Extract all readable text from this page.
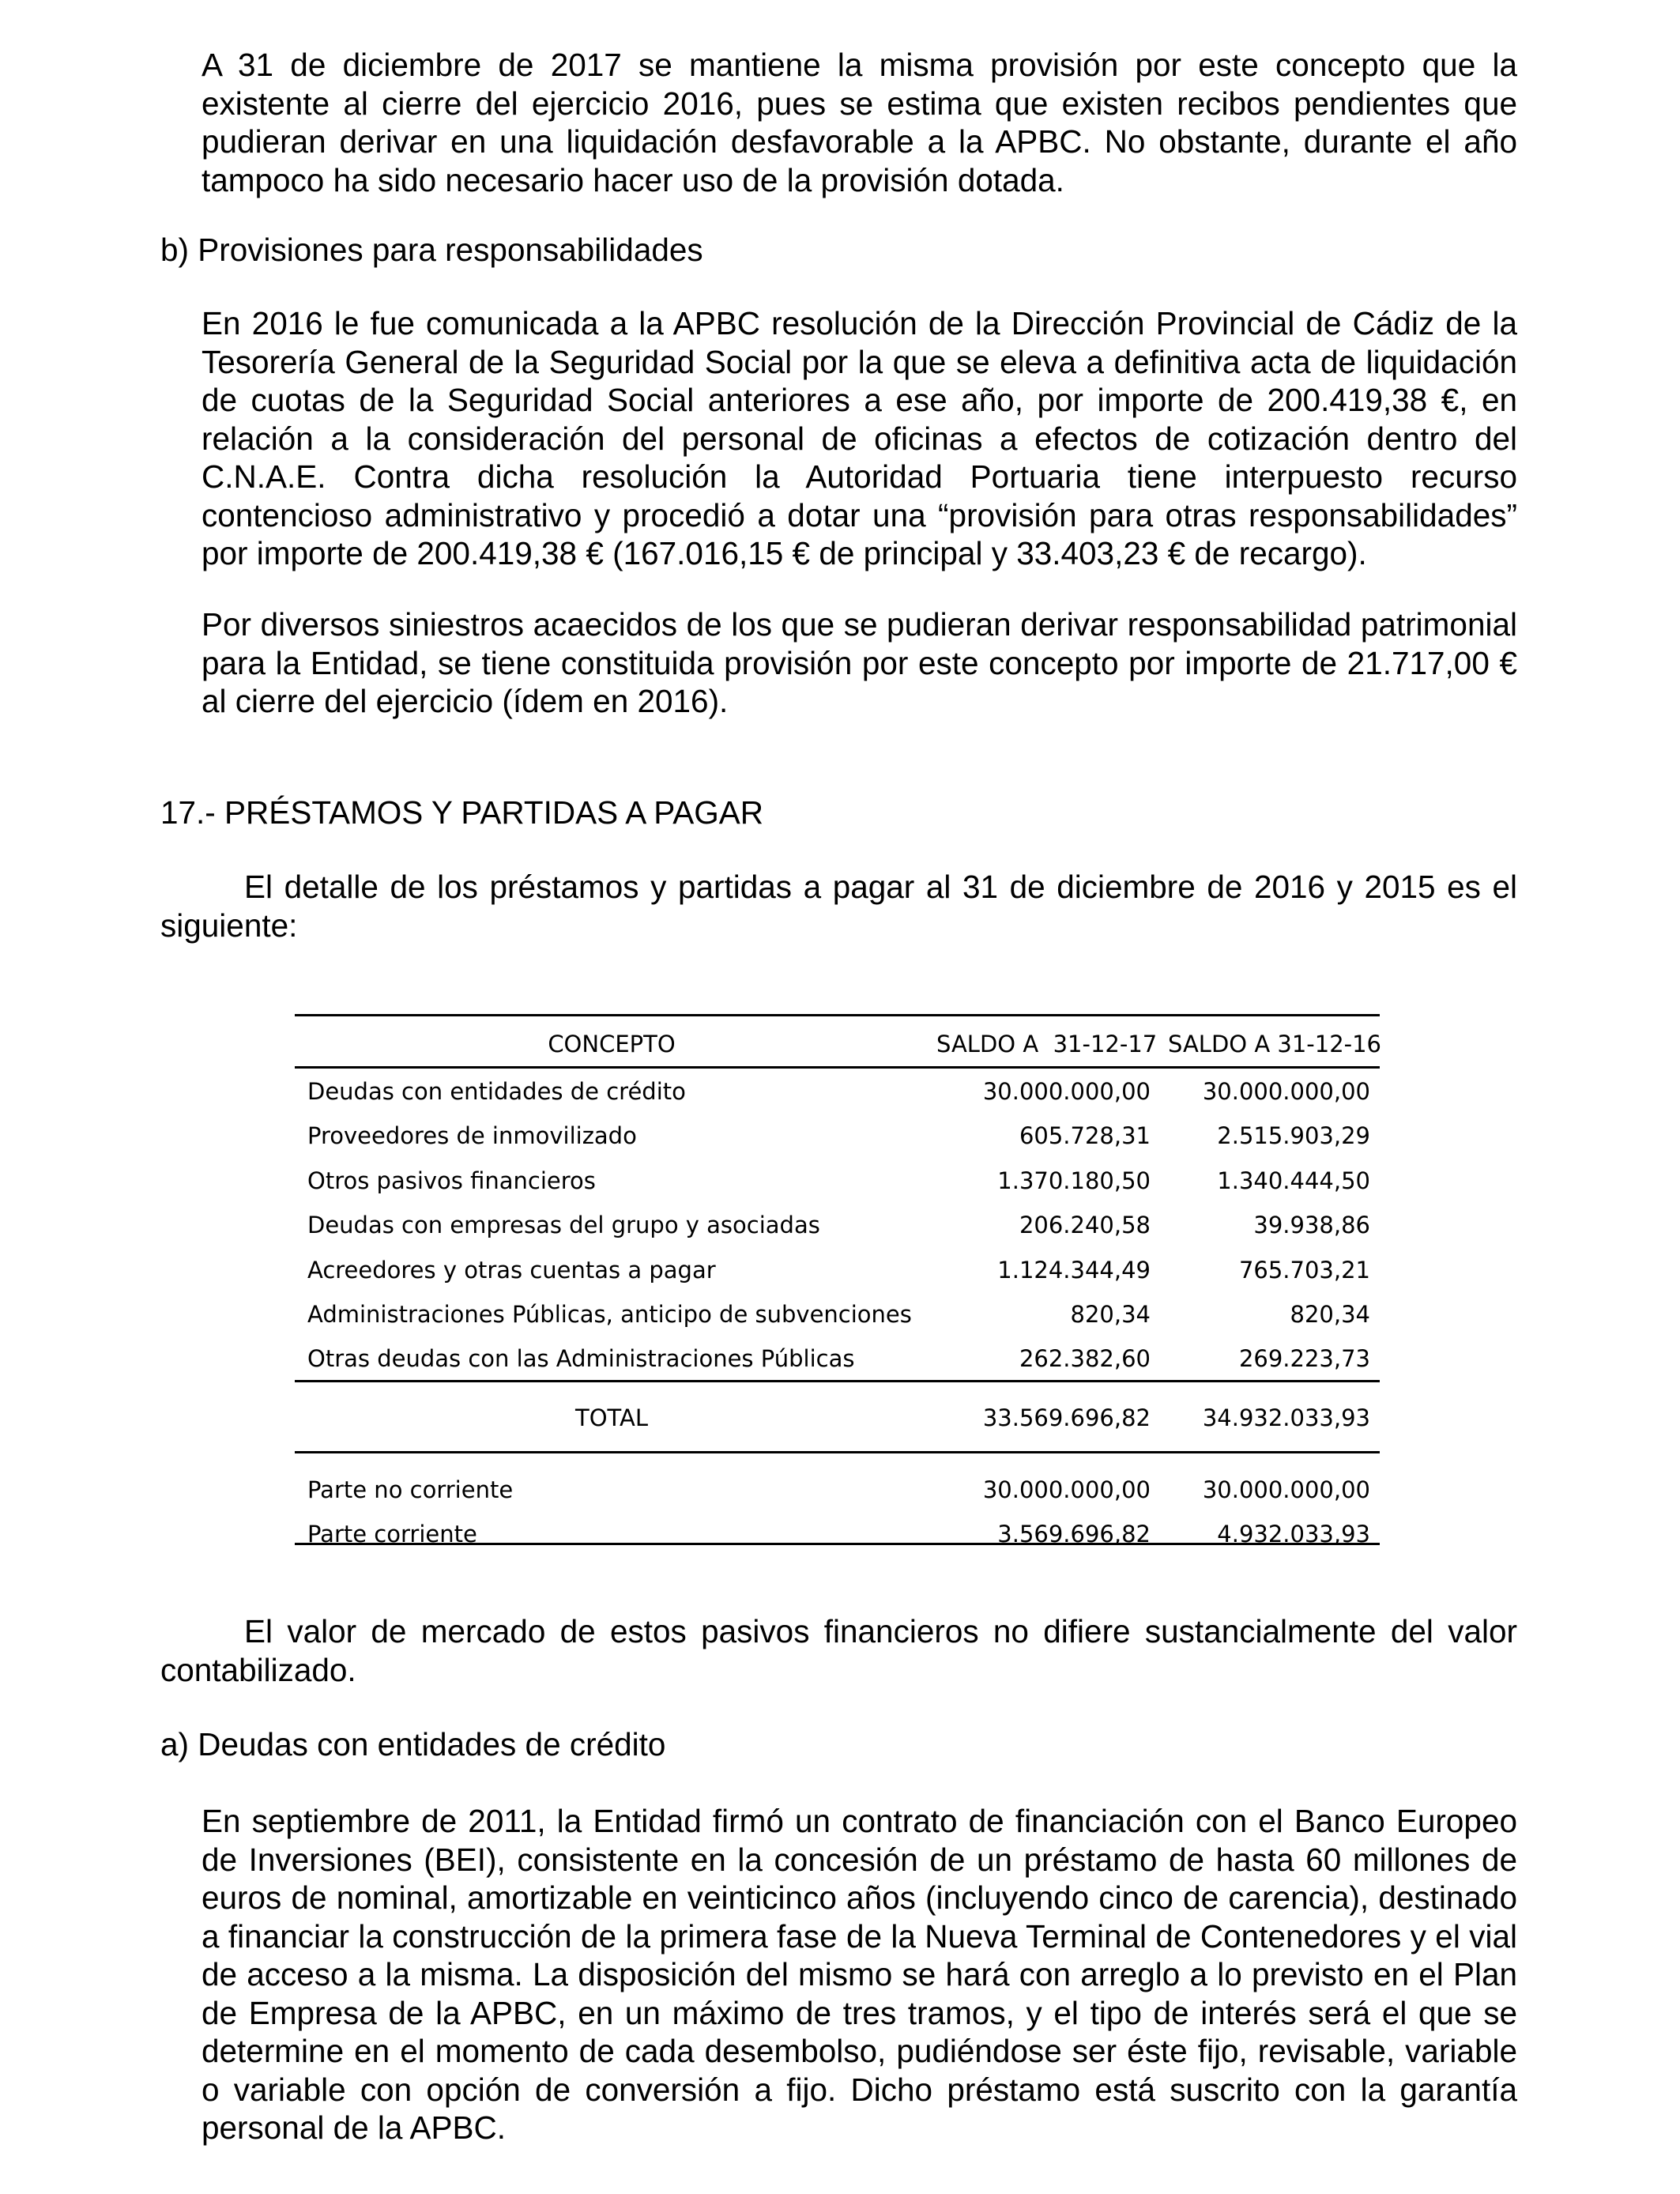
A 31 de diciembre de 2017 se mantiene la misma provisión por este concepto que la existente al cierre del ejercicio 2016, pues se estima que existen recibos pendientes que pudieran derivar en una liquidación desfavorable a la APBC. No obstante, durante el año tampoco ha sido necesario hacer uso de la provisión dotada.

b) Provisiones para responsabilidades

En 2016 le fue comunicada a la APBC resolución de la Dirección Provincial de Cádiz de la Tesorería General de la Seguridad Social por la que se eleva a definitiva acta de liquidación de cuotas de la Seguridad Social anteriores a ese año, por importe de 200.419,38 €, en relación a la consideración del personal de oficinas a efectos de cotización dentro del C.N.A.E. Contra dicha resolución la Autoridad Portuaria tiene interpuesto recurso contencioso administrativo y procedió a dotar una “provisión para otras responsabilidades” por importe de 200.419,38 € (167.016,15 € de principal y 33.403,23 € de recargo).

Por diversos siniestros acaecidos de los que se pudieran derivar responsabilidad patrimonial para la Entidad, se tiene constituida provisión por este concepto por importe de 21.717,00 € al cierre del ejercicio (ídem en 2016).

17.- PRÉSTAMOS Y PARTIDAS A PAGAR

El detalle de los préstamos y partidas a pagar al 31 de diciembre de 2016 y 2015 es el siguiente:

CONCEPTO	SALDO A  31-12-17 SALDO A 31-12-16
Deudas con entidades de crédito	30.000.000,00 30.000.000,00
Proveedores de inmovilizado	605.728,31	2.515.903,29
Otros pasivos financieros	1.370.180,50	1.340.444,50
Deudas con empresas del grupo y asociadas	206.240,58	39.938,86
Acreedores y otras cuentas a pagar	1.124.344,49	765.703,21
Administraciones Públicas, anticipo de subvenciones	820,34	820,34
Otras deudas con las Administraciones Públicas	262.382,60	269.223,73
TOTAL	33.569.696,82 34.932.033,93
Parte no corriente	30.000.000,00 30.000.000,00
Parte corriente	3.569.696,82	4.932.033,93

El valor de mercado de estos pasivos financieros no difiere sustancialmente del valor contabilizado.

a) Deudas con entidades de crédito

En septiembre de 2011, la Entidad firmó un contrato de financiación con el Banco Europeo de Inversiones (BEI), consistente en la concesión de un préstamo de hasta 60 millones de euros de nominal, amortizable en veinticinco años (incluyendo cinco de carencia), destinado a financiar la construcción de la primera fase de la Nueva Terminal de Contenedores y el vial de acceso a la misma. La disposición del mismo se hará con arreglo a lo previsto en el Plan de Empresa de la APBC, en un máximo de tres tramos, y el tipo de interés será el que se determine en el momento de cada desembolso, pudiéndose ser éste fijo, revisable, variable o variable con opción de conversión a fijo. Dicho préstamo está suscrito con la garantía personal de la APBC.
